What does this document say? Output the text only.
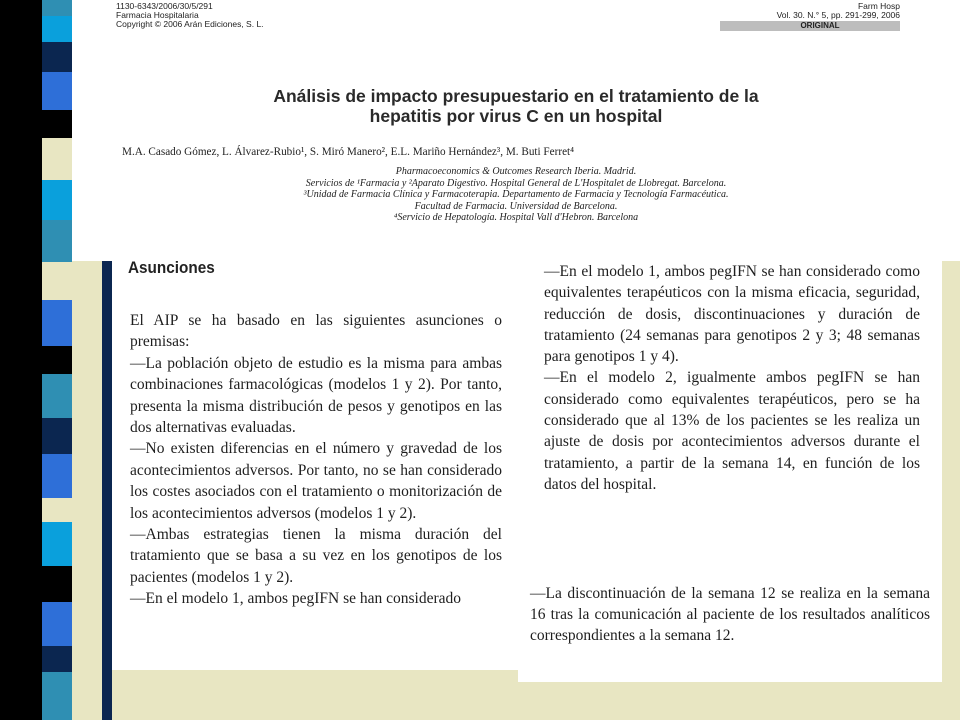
1130-6343/2006/30/5/291
Farmacia Hospitalaria
Copyright © 2006 Arán Ediciones, S. L.
Farm Hosp
Vol. 30. N.° 5, pp. 291-299, 2006
ORIGINAL
Análisis de impacto presupuestario en el tratamiento de la
hepatitis por virus C en un hospital
M.A. Casado Gómez, L. Álvarez-Rubio¹, S. Miró Manero², E.L. Mariño Hernández³, M. Buti Ferret⁴
Pharmacoeconomics & Outcomes Research Iberia. Madrid.
Servicios de ¹Farmacia y ²Aparato Digestivo. Hospital General de L'Hospitalet de Llobregat. Barcelona.
³Unidad de Farmacia Clínica y Farmacoterapia. Departamento de Farmacia y Tecnología Farmacéutica.
Facultad de Farmacia. Universidad de Barcelona.
⁴Servicio de Hepatología. Hospital Vall d'Hebron. Barcelona
Asunciones

El AIP se ha basado en las siguientes asunciones o premisas:

—La población objeto de estudio es la misma para ambas combinaciones farmacológicas (modelos 1 y 2). Por tanto, presenta la misma distribución de pesos y genotipos en las dos alternativas evaluadas.

—No existen diferencias en el número y gravedad de los acontecimientos adversos. Por tanto, no se han considerado los costes asociados con el tratamiento o monitorización de los acontecimientos adversos (modelos 1 y 2).

—Ambas estrategias tienen la misma duración del tratamiento que se basa a su vez en los genotipos de los pacientes (modelos 1 y 2).

—En el modelo 1, ambos pegIFN se han considerado

—En el modelo 1, ambos pegIFN se han considerado como equivalentes terapéuticos con la misma eficacia, seguridad, reducción de dosis, discontinuaciones y duración de tratamiento (24 semanas para genotipos 2 y 3; 48 semanas para genotipos 1 y 4).

—En el modelo 2, igualmente ambos pegIFN se han considerado como equivalentes terapéuticos, pero se ha considerado que al 13% de los pacientes se les realiza un ajuste de dosis por acontecimientos adversos durante el tratamiento, a partir de la semana 14, en función de los datos del hospital.

—La discontinuación de la semana 12 se realiza en la semana 16 tras la comunicación al paciente de los resultados analíticos correspondientes a la semana 12.
